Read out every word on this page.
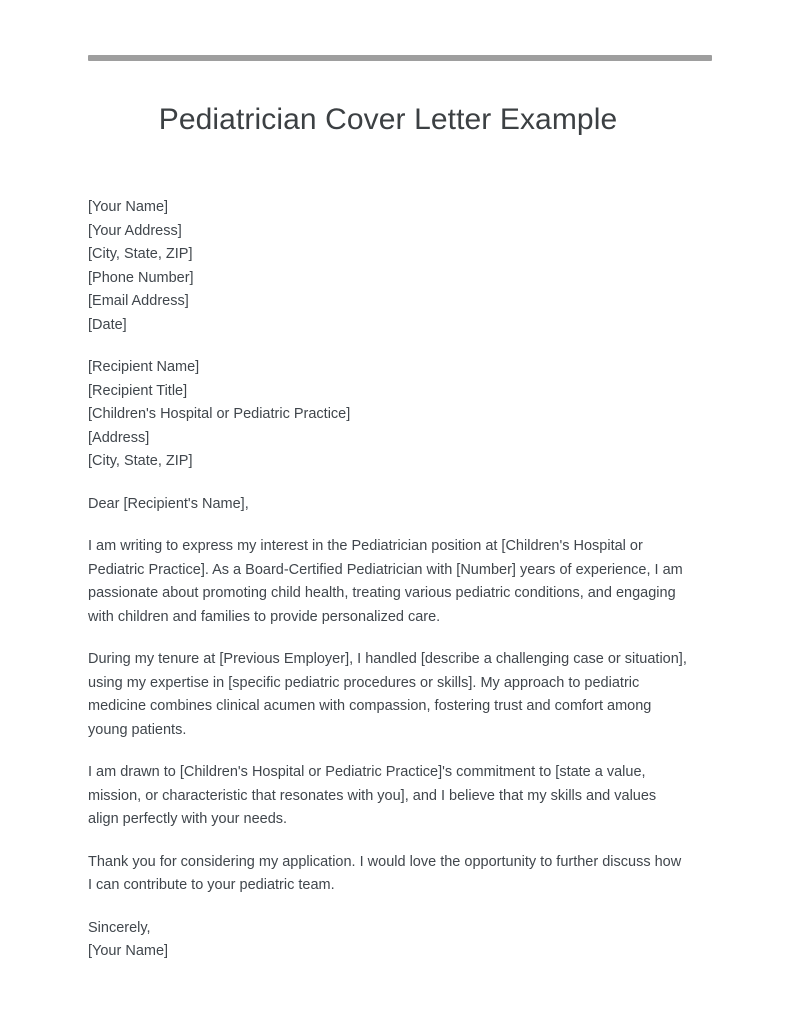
Pediatrician Cover Letter Example
[Your Name]
[Your Address]
[City, State, ZIP]
[Phone Number]
[Email Address]
[Date]
[Recipient Name]
[Recipient Title]
[Children's Hospital or Pediatric Practice]
[Address]
[City, State, ZIP]

Dear [Recipient's Name],

I am writing to express my interest in the Pediatrician position at [Children's Hospital or Pediatric Practice]. As a Board-Certified Pediatrician with [Number] years of experience, I am passionate about promoting child health, treating various pediatric conditions, and engaging with children and families to provide personalized care.

During my tenure at [Previous Employer], I handled [describe a challenging case or situation], using my expertise in [specific pediatric procedures or skills]. My approach to pediatric medicine combines clinical acumen with compassion, fostering trust and comfort among young patients.

I am drawn to [Children's Hospital or Pediatric Practice]'s commitment to [state a value, mission, or characteristic that resonates with you], and I believe that my skills and values align perfectly with your needs.

Thank you for considering my application. I would love the opportunity to further discuss how I can contribute to your pediatric team.

Sincerely,
[Your Name]
